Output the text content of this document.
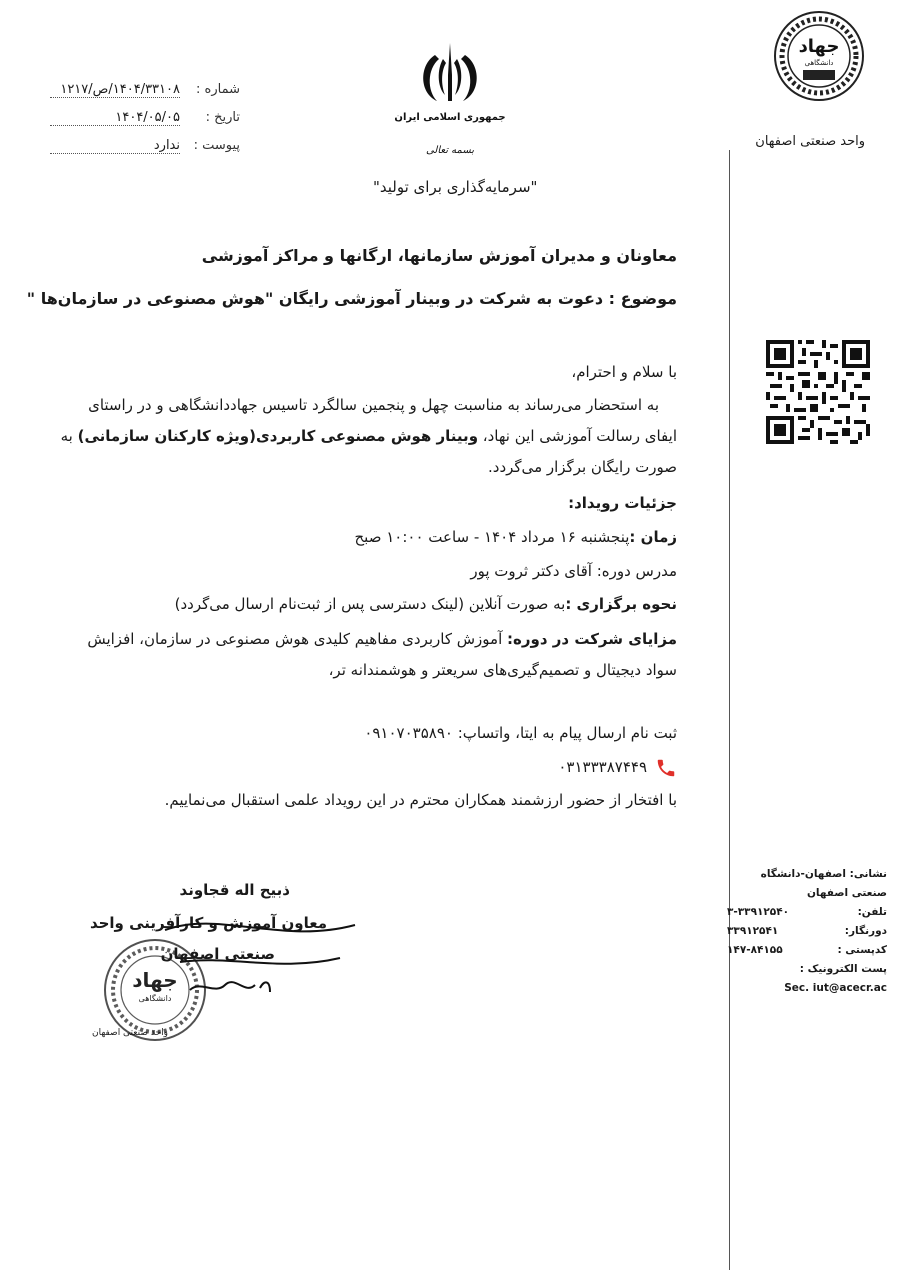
جهاد
دانشگاهی
واحد صنعتی اصفهان
جمهوری اسلامی ایران
بسمه تعالی
شماره :
۱۴۰۴/۳۳۱۰۸/ص/۱۲۱۷
تاریخ :
۱۴۰۴/۰۵/۰۵
پیوست :
ندارد
"سرمایه‌گذاری برای تولید"
معاونان و مدیران آموزش سازمانها، ارگانها و مراکز آموزشی
موضوع : دعوت به شرکت در وبینار آموزشی رایگان "هوش مصنوعی در سازمان‌ها "
با سلام و احترام،
به استحضار می‌رساند به مناسبت چهل و پنجمین سالگرد تاسیس جهاددانشگاهی و در راستای ایفای رسالت آموزشی این نهاد، وبینار هوش مصنوعی کاربردی(ویژه کارکنان سازمانی) به صورت رایگان برگزار می‌گردد.
جزئیات رویداد:
زمان :پنجشنبه ۱۶ مرداد ۱۴۰۴ - ساعت ۱۰:۰۰ صبح
مدرس دوره: آقای دکتر ثروت پور
نحوه برگزاری :به صورت آنلاین (لینک دسترسی پس از ثبت‌نام ارسال می‌گردد)
مزایای شرکت در دوره: آموزش کاربردی مفاهیم کلیدی هوش مصنوعی در سازمان، افزایش سواد دیجیتال و تصمیم‌گیری‌های سریعتر و هوشمندانه تر،
ثبت نام ارسال پیام به ایتا، واتساپ: ۰۹۱۰۷۰۳۵۸۹۰
۰۳۱۳۳۳۸۷۴۴۹
با افتخار از حضور ارزشمند همکاران محترم در این رویداد علمی استقبال می‌نماییم.
نشانی: اصفهان-دانشگاه صنعتی اصفهان
تلفن:
۳-۳۳۹۱۲۵۴۰
دورنگار:
۳۳۹۱۲۵۴۱
کدپستی :
۱۴۷-۸۴۱۵۵
پست الکترونیک :
Sec. iut@acecr.ac
جهاد
دانشگاهی
واحد صنعتی اصفهان
ذبیح اله قجاوند
معاون آموزش و کارآفرینی واحد
صنعتی اصفهان
